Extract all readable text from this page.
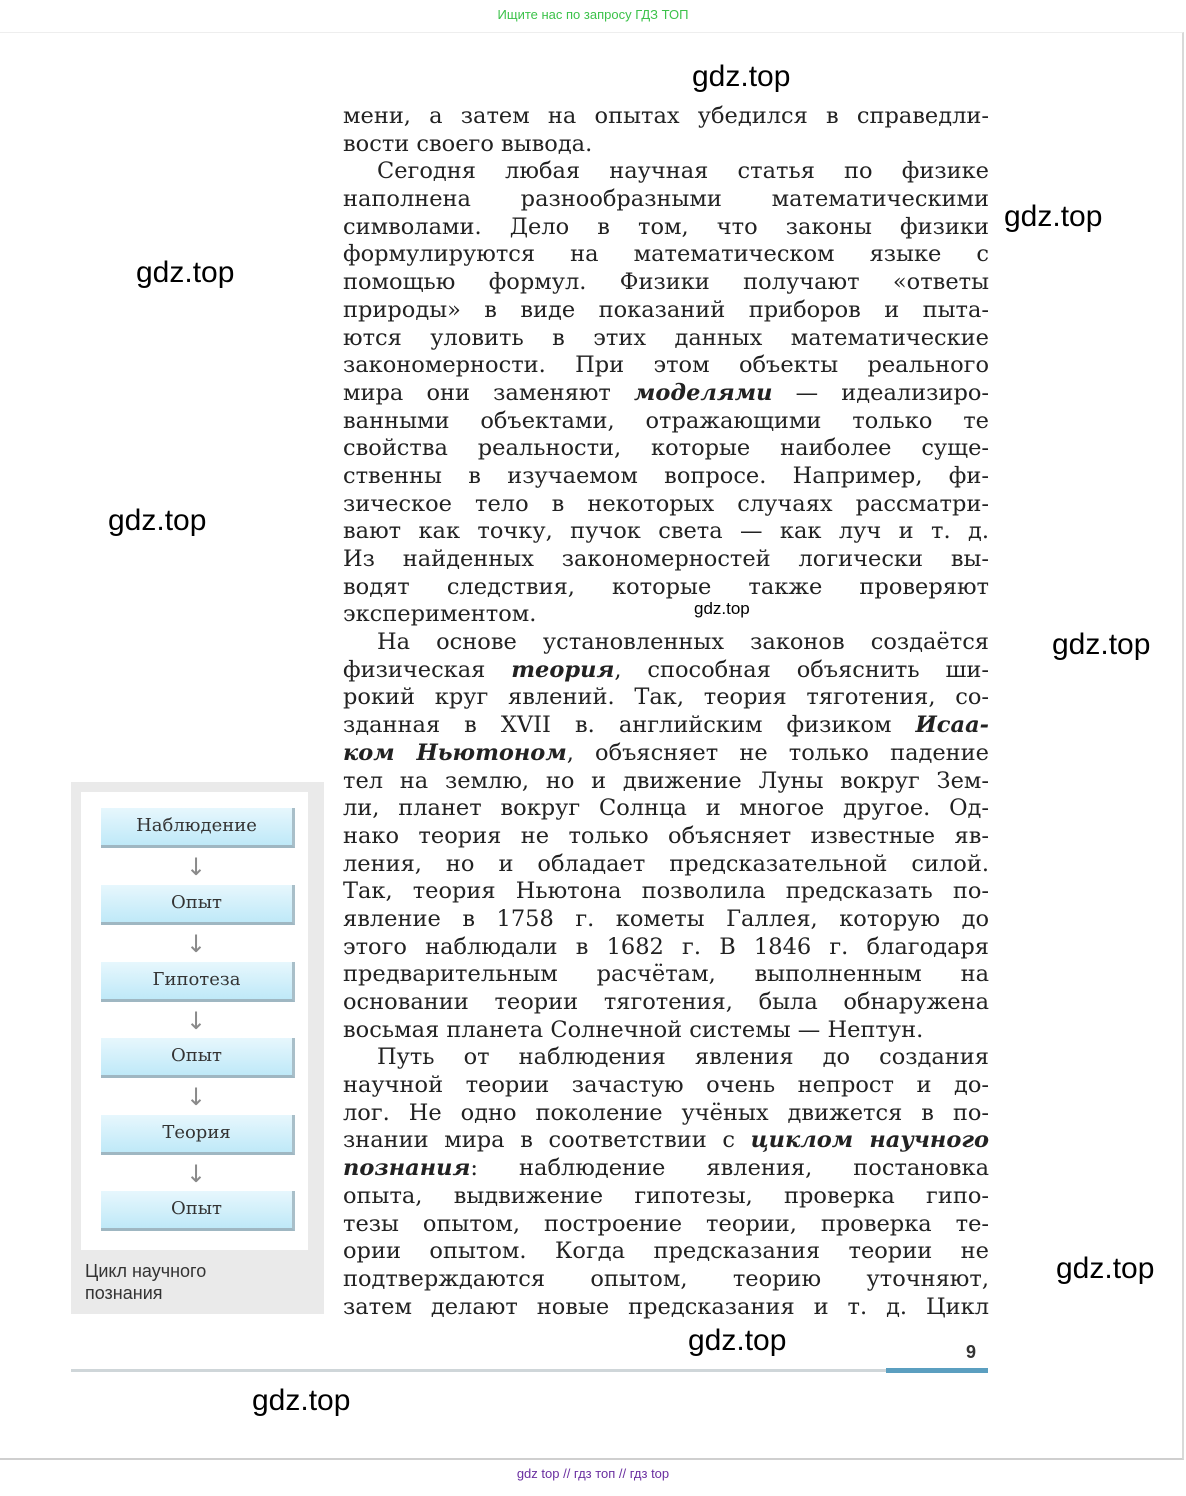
Ищите нас по запросу ГДЗ ТОП
мени, а затем на опытах убедился в справедли-
вости своего вывода.
Сегодня любая научная статья по физике
наполнена разнообразными математическими
символами. Дело в том, что законы физики
формулируются на математическом языке с
помощью формул. Физики получают «ответы
природы» в виде показаний приборов и пыта-
ются уловить в этих данных математические
закономерности. При этом объекты реального
мира они заменяют моделями — идеализиро-
ванными объектами, отражающими только те
свойства реальности, которые наиболее суще-
ственны в изучаемом вопросе. Например, фи-
зическое тело в некоторых случаях рассматри-
вают как точку, пучок света — как луч и т. д.
Из найденных закономерностей логически вы-
водят следствия, которые также проверяют
экспериментом.
На основе установленных законов создаётся
физическая теория, способная объяснить ши-
рокий круг явлений. Так, теория тяготения, со-
зданная в XVII в. английским физиком Исаа-
ком Ньютоном, объясняет не только падение
тел на землю, но и движение Луны вокруг Зем-
ли, планет вокруг Солнца и многое другое. Од-
нако теория не только объясняет известные яв-
ления, но и обладает предсказательной силой.
Так, теория Ньютона позволила предсказать по-
явление в 1758 г. кометы Галлея, которую до
этого наблюдали в 1682 г. В 1846 г. благодаря
предварительным расчётам, выполненным на
основании теории тяготения, была обнаружена
восьмая планета Солнечной системы — Нептун.
Путь от наблюдения явления до создания
научной теории зачастую очень непрост и до-
лог. Не одно поколение учёных движется в по-
знании мира в соответствии с циклом научного
познания: наблюдение явления, постановка
опыта, выдвижение гипотезы, проверка гипо-
тезы опытом, построение теории, проверка те-
ории опытом. Когда предсказания теории не
подтверждаются опытом, теорию уточняют,
затем делают новые предсказания и т. д. Цикл
Наблюдение
↓
Опыт
↓
Гипотеза
↓
Опыт
↓
Теория
↓
Опыт
Цикл научного
познания
9
gdz.top
gdz.top
gdz.top
gdz.top
gdz.top
gdz.top
gdz.top
gdz.top
gdz.top
gdz top // гдз топ // гдз top
